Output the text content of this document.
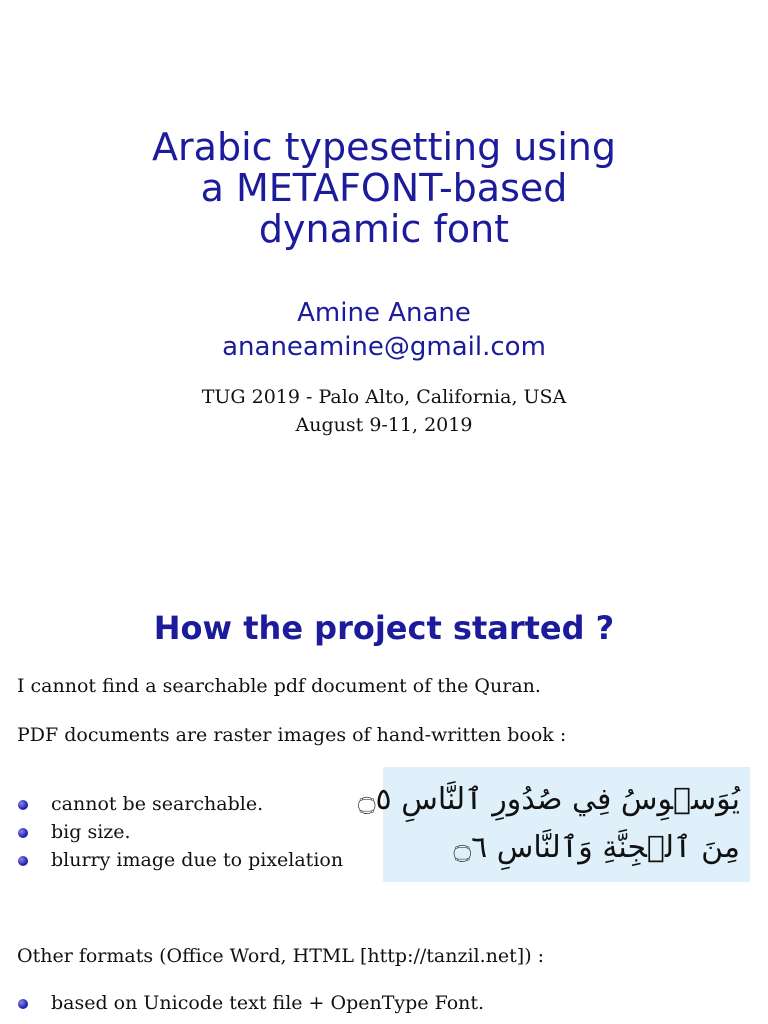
Arabic typesetting using
a METAFONT-based
dynamic font
Amine Anane
ananeamine@gmail.com
TUG 2019 - Palo Alto, California, USA
August 9-11, 2019
How the project started ?

I cannot find a searchable pdf document of the Quran.

PDF documents are raster images of hand-written book :

cannot be searchable.
big size.
blurry image due to pixelation
يُوَسۡوِسُ فِي صُدُورِ ٱلنَّاسِ ۝٥
مِنَ ٱلۡجِنَّةِ وَٱلنَّاسِ ۝٦

Other formats (Office Word, HTML [http://tanzil.net]) :

based on Unicode text file + OpenType Font.
